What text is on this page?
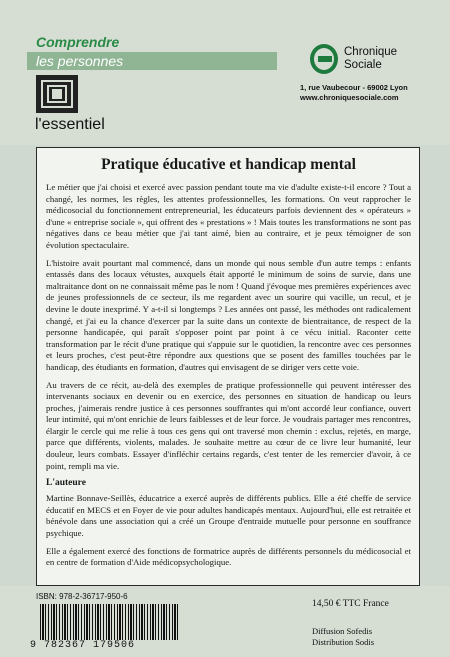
Comprendre
les personnes
l'essentiel
Chronique
Sociale
1, rue Vaubecour - 69002 Lyon
www.chroniquesociale.com
Pratique éducative et handicap mental

Le métier que j'ai choisi et exercé avec passion pendant toute ma vie d'adulte existe-t-il encore ? Tout a changé, les normes, les règles, les attentes professionnelles, les formations. On veut rapprocher le médicosocial du fonctionnement entrepreneurial, les éducateurs parfois deviennent des « opérateurs » d'une « entreprise sociale », qui offrent des « prestations » ! Mais toutes les transformations ne sont pas négatives dans ce beau métier que j'ai tant aimé, bien au contraire, et je peux témoigner de son évolution spectaculaire.

L'histoire avait pourtant mal commencé, dans un monde qui nous semble d'un autre temps : enfants entassés dans des locaux vétustes, auxquels était apporté le minimum de soins de survie, dans une maltraitance dont on ne connaissait même pas le nom ! Quand j'évoque mes premières expériences avec de jeunes professionnels de ce secteur, ils me regardent avec un sourire qui vacille, un recul, et je devine le doute inexprimé. Y a-t-il si longtemps ? Les années ont passé, les méthodes ont radicalement changé, et j'ai eu la chance d'exercer par la suite dans un contexte de bientraitance, de respect de la personne handicapée, qui paraît s'opposer point par point à ce vécu initial. Raconter cette transformation par le récit d'une pratique qui s'appuie sur le quotidien, la rencontre avec ces personnes et leurs proches, c'est peut-être répondre aux questions que se posent des familles touchées par le handicap, des étudiants en formation, d'autres qui envisagent de se diriger vers cette voie.

Au travers de ce récit, au-delà des exemples de pratique professionnelle qui peuvent intéresser des intervenants sociaux en devenir ou en exercice, des personnes en situation de handicap ou leurs proches, j'aimerais rendre justice à ces personnes souffrantes qui m'ont accordé leur confiance, ouvert leur intimité, qui m'ont enrichie de leurs faiblesses et de leur force. Je voudrais partager mes rencontres, élargir le cercle qui me relie à tous ces gens qui ont traversé mon chemin : exclus, rejetés, en marge, parce que différents, violents, malades. Je souhaite mettre au cœur de ce livre leur humanité, leur douleur, leurs combats. Essayer d'infléchir certains regards, c'est tenter de les remercier d'avoir, à ce point, rempli ma vie.

L'auteure

Martine Bonnave-Seillès, éducatrice a exercé auprès de différents publics. Elle a été cheffe de service éducatif en MECS et en Foyer de vie pour adultes handicapés mentaux. Aujourd'hui, elle est retraitée et bénévole dans une association qui a créé un Groupe d'entraide mutuelle pour personne en souffrance psychique.

Elle a également exercé des fonctions de formatrice auprès de différents personnels du médicosocial et en centre de formation d'Aide médicopsychologique.

ISBN: 978-2-36717-950-6
9 782367 179506
14,50 € TTC France
Diffusion Sofedis
Distribution Sodis
